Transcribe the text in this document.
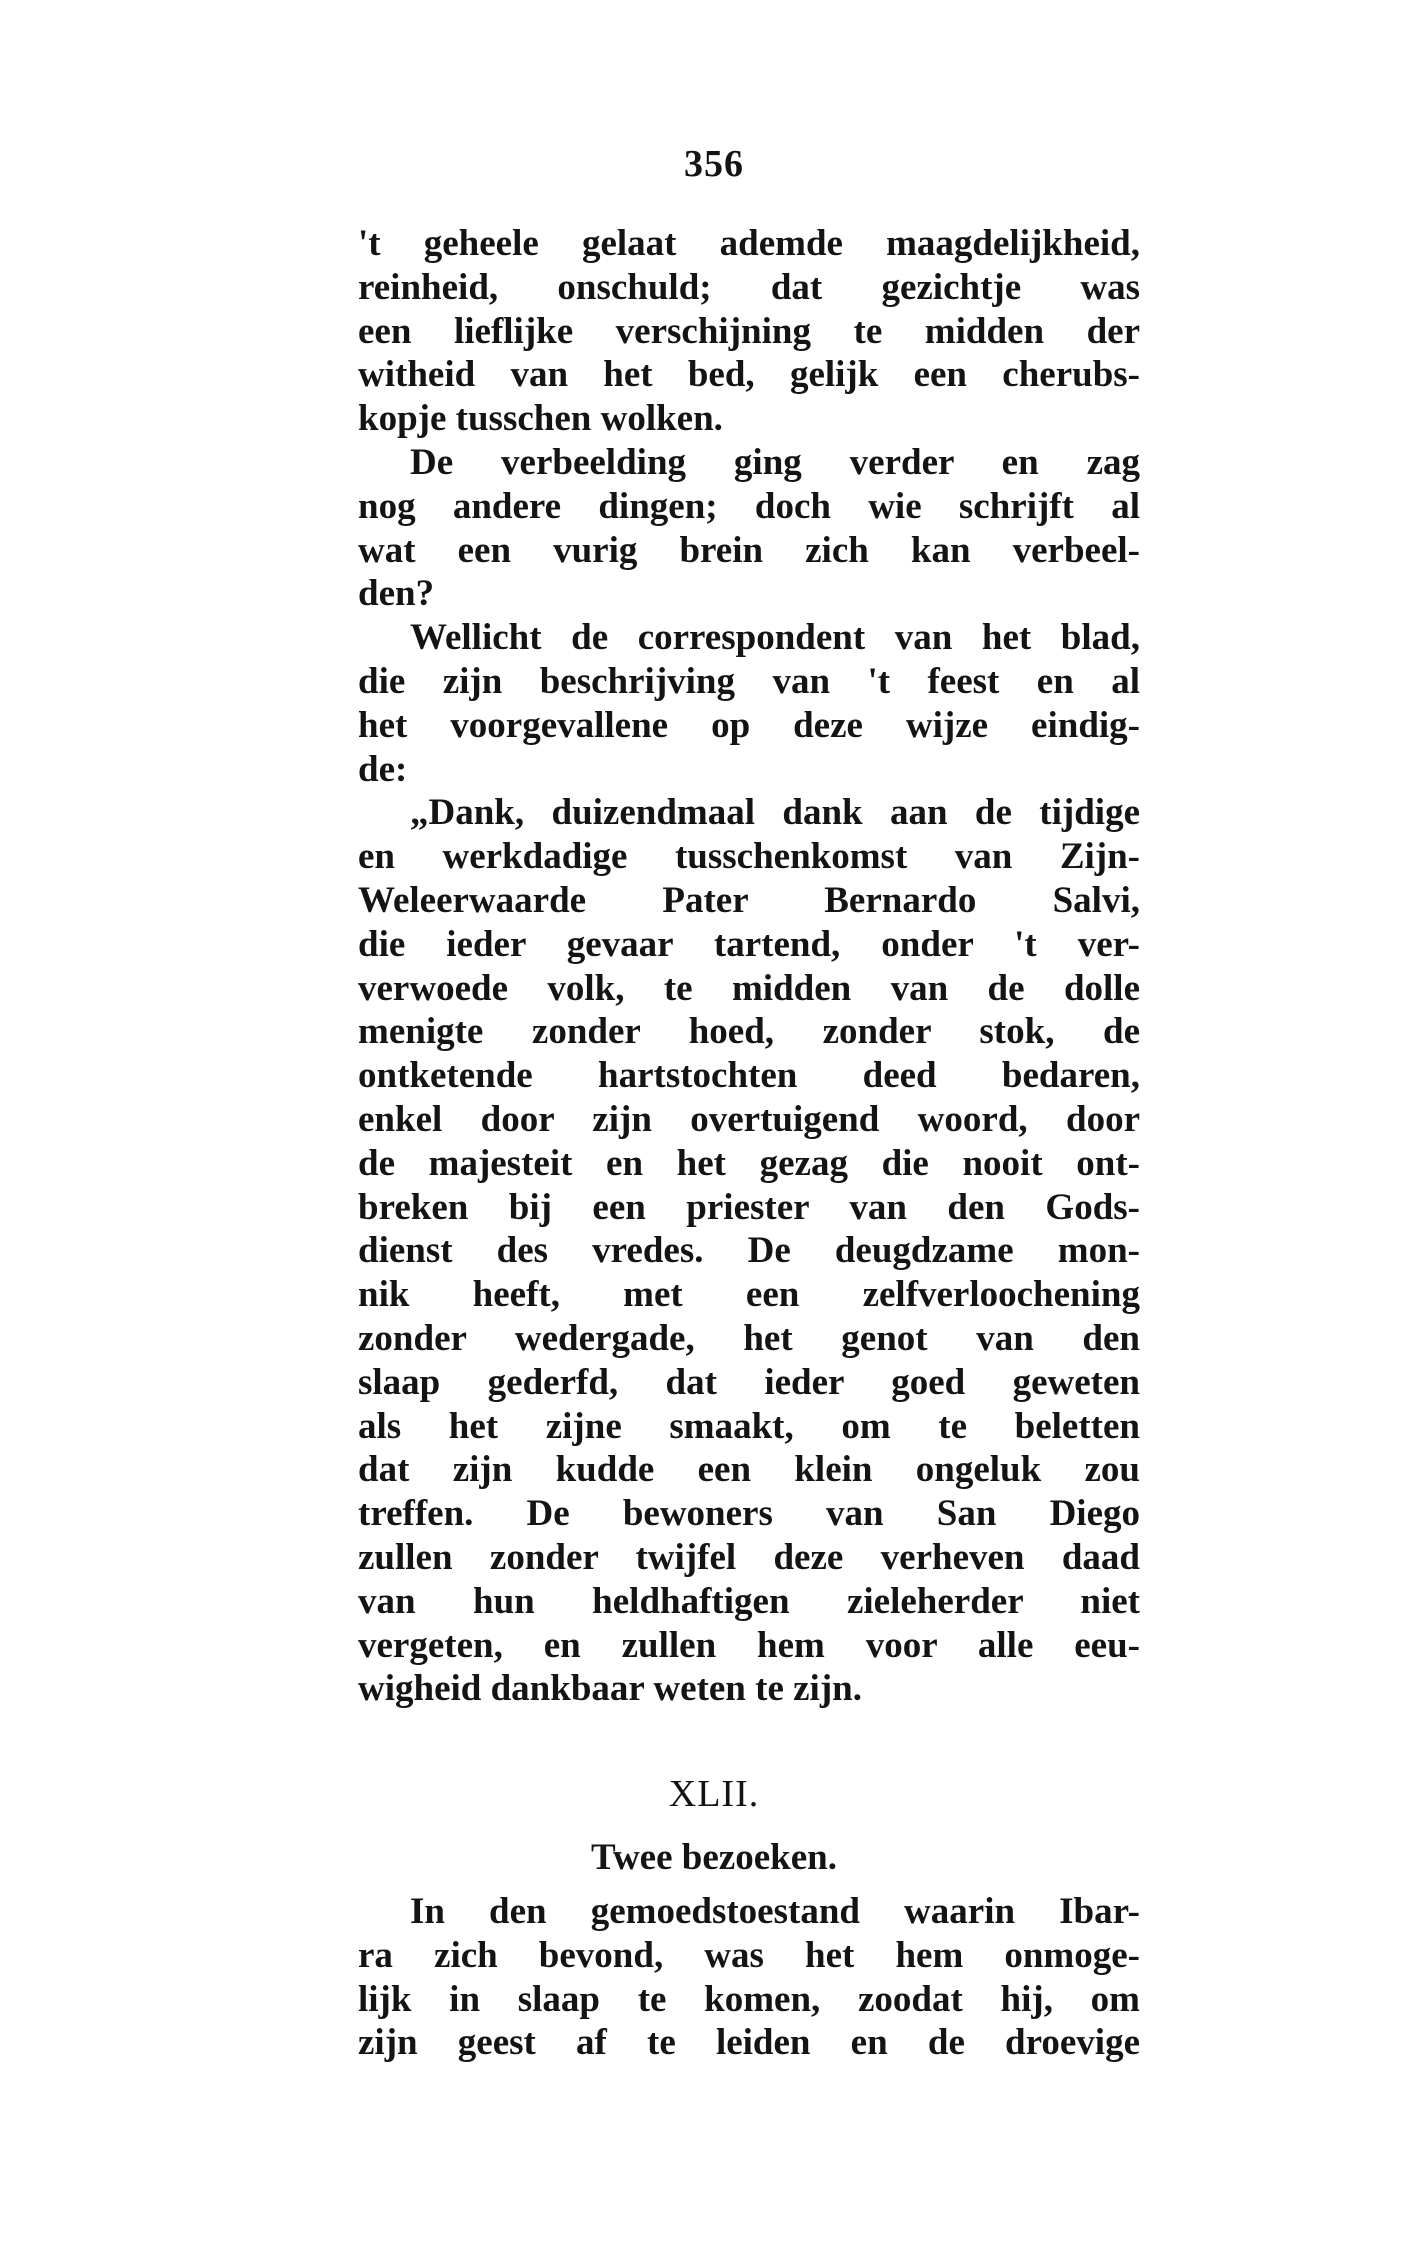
356
't geheele gelaat ademde maagdelijkheid,
reinheid, onschuld; dat gezichtje was
een lieflijke verschijning te midden der
witheid van het bed, gelijk een cherubs-
kopje tusschen wolken.
De verbeelding ging verder en zag
nog andere dingen; doch wie schrijft al
wat een vurig brein zich kan verbeel-
den?
Wellicht de correspondent van het blad,
die zijn beschrijving van 't feest en al
het voorgevallene op deze wijze eindig-
de:
„Dank, duizendmaal dank aan de tijdige
en werkdadige tusschenkomst van Zijn-
Weleerwaarde Pater Bernardo Salvi,
die ieder gevaar tartend, onder 't ver-
verwoede volk, te midden van de dolle
menigte zonder hoed, zonder stok, de
ontketende hartstochten deed bedaren,
enkel door zijn overtuigend woord, door
de majesteit en het gezag die nooit ont-
breken bij een priester van den Gods-
dienst des vredes. De deugdzame mon-
nik heeft, met een zelfverloochening
zonder wedergade, het genot van den
slaap gederfd, dat ieder goed geweten
als het zijne smaakt, om te beletten
dat zijn kudde een klein ongeluk zou
treffen. De bewoners van San Diego
zullen zonder twijfel deze verheven daad
van hun heldhaftigen zieleherder niet
vergeten, en zullen hem voor alle eeu-
wigheid dankbaar weten te zijn.
XLII.
Twee bezoeken.
In den gemoedstoestand waarin Ibar-
ra zich bevond, was het hem onmoge-
lijk in slaap te komen, zoodat hij, om
zijn geest af te leiden en de droevige
